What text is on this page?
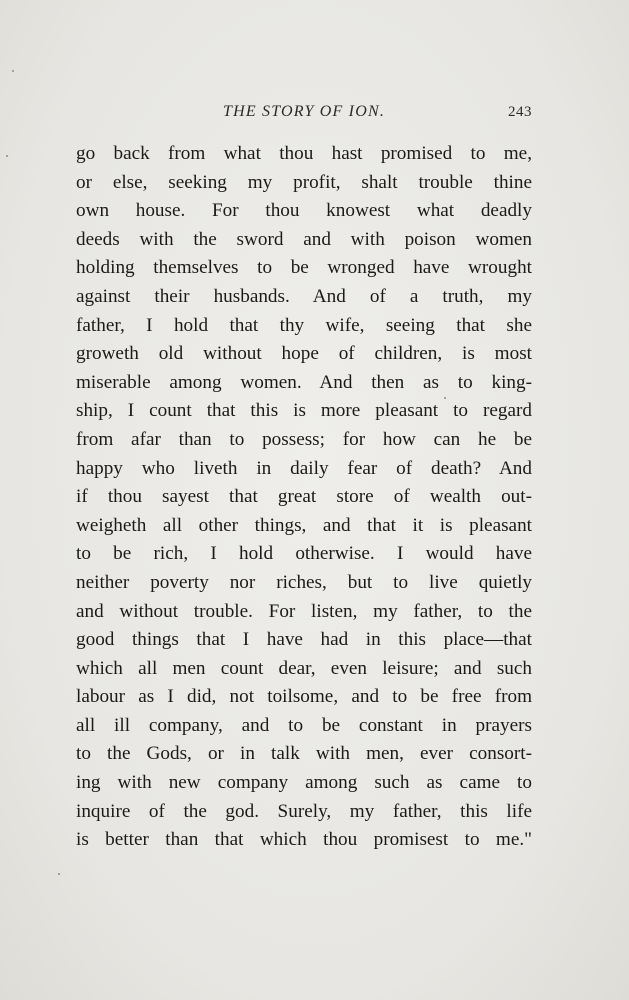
THE STORY OF ION.	243
go back from what thou hast promised to me,
or else, seeking my profit, shalt trouble thine
own house. For thou knowest what deadly
deeds with the sword and with poison women
holding themselves to be wronged have wrought
against their husbands. And of a truth, my
father, I hold that thy wife, seeing that she
groweth old without hope of children, is most
miserable among women. And then as to king-
ship, I count that this is more pleasant to regard
from afar than to possess; for how can he be
happy who liveth in daily fear of death? And
if thou sayest that great store of wealth out-
weigheth all other things, and that it is pleasant
to be rich, I hold otherwise. I would have
neither poverty nor riches, but to live quietly
and without trouble. For listen, my father, to the
good things that I have had in this place—that
which all men count dear, even leisure; and such
labour as I did, not toilsome, and to be free from
all ill company, and to be constant in prayers
to the Gods, or in talk with men, ever consort-
ing with new company among such as came to
inquire of the god. Surely, my father, this life
is better than that which thou promisest to me."
